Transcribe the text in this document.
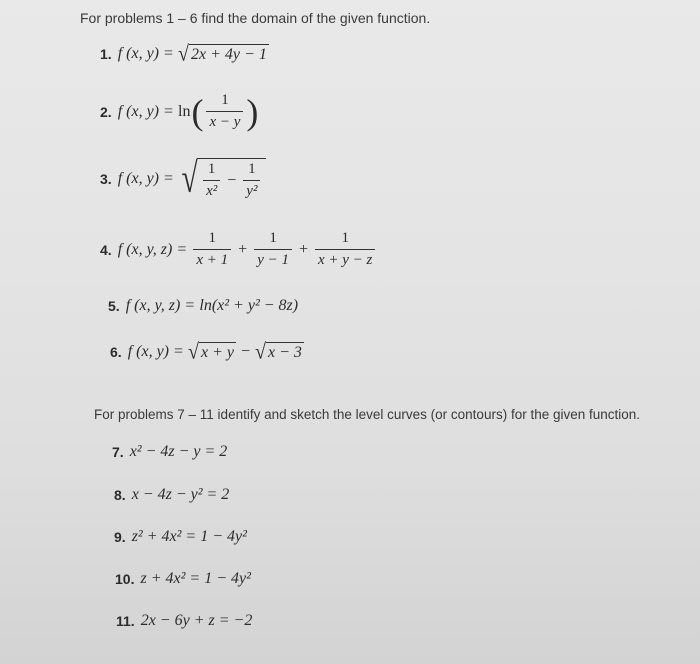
For problems 1 – 6 find the domain of the given function.
1. f (x, y) = √ 2x + 4y − 1
2. f (x, y) = ln ( $\frac{1}{x - y}$ )
3. f (x, y) = √ $\frac{1}{\text{x²}} - \frac{1}{\text{y²}}$
4. f (x, y, $z) = \frac{1}{x + 1} + \frac{1}{y - 1} + \frac{1}{x + y - z}$
5. f (x, y, z) = ln(x² + y² − 8z)
6. f (x, y) = √ x + y − √ x − 3
For problems 7 – 11 identify and sketch the level curves (or contours) for the given function.
7. x² − 4z − y = 2
8. x − 4z − y² = 2
9. z² + 4x² = 1 − 4y²
10. z + 4x² = 1 − 4y²
11. 2x − 6y + z = −2
